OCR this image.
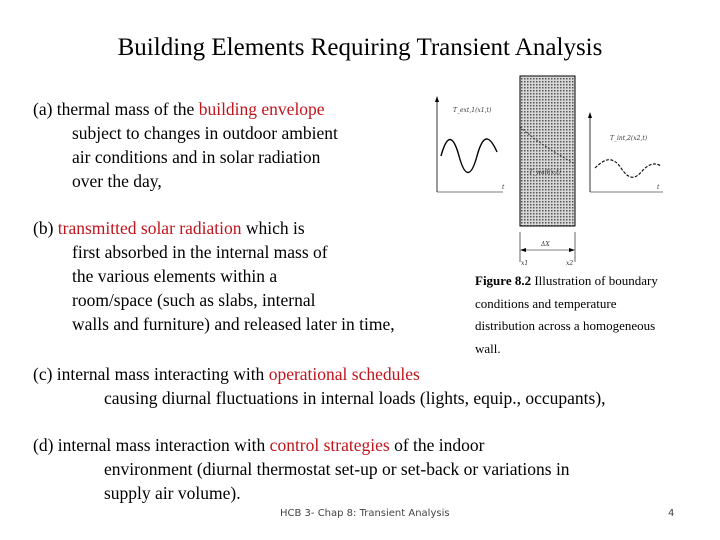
Building Elements Requiring Transient Analysis
(a) thermal mass of the building envelope
subject to changes in outdoor ambient
air conditions and in solar radiation
over the day,
(b) transmitted solar radiation which is
first absorbed in the internal mass of
the various elements within a
room/space (such as slabs, internal
walls and furniture) and released later in time,
T_ext,1(x1,t)
T_int,2(x2,t)
T_wall(x,t)
t	t
ΔX
x1	x2
Figure 8.2 Illustration of boundary
conditions and temperature
distribution across a homogeneous
wall.
(c) internal mass interacting with operational schedules
causing diurnal fluctuations in internal loads (lights, equip., occupants),
(d) internal mass interaction with control strategies of the indoor
environment (diurnal thermostat set-up or set-back or variations in
supply air volume).
HCB 3- Chap 8: Transient Analysis	4
